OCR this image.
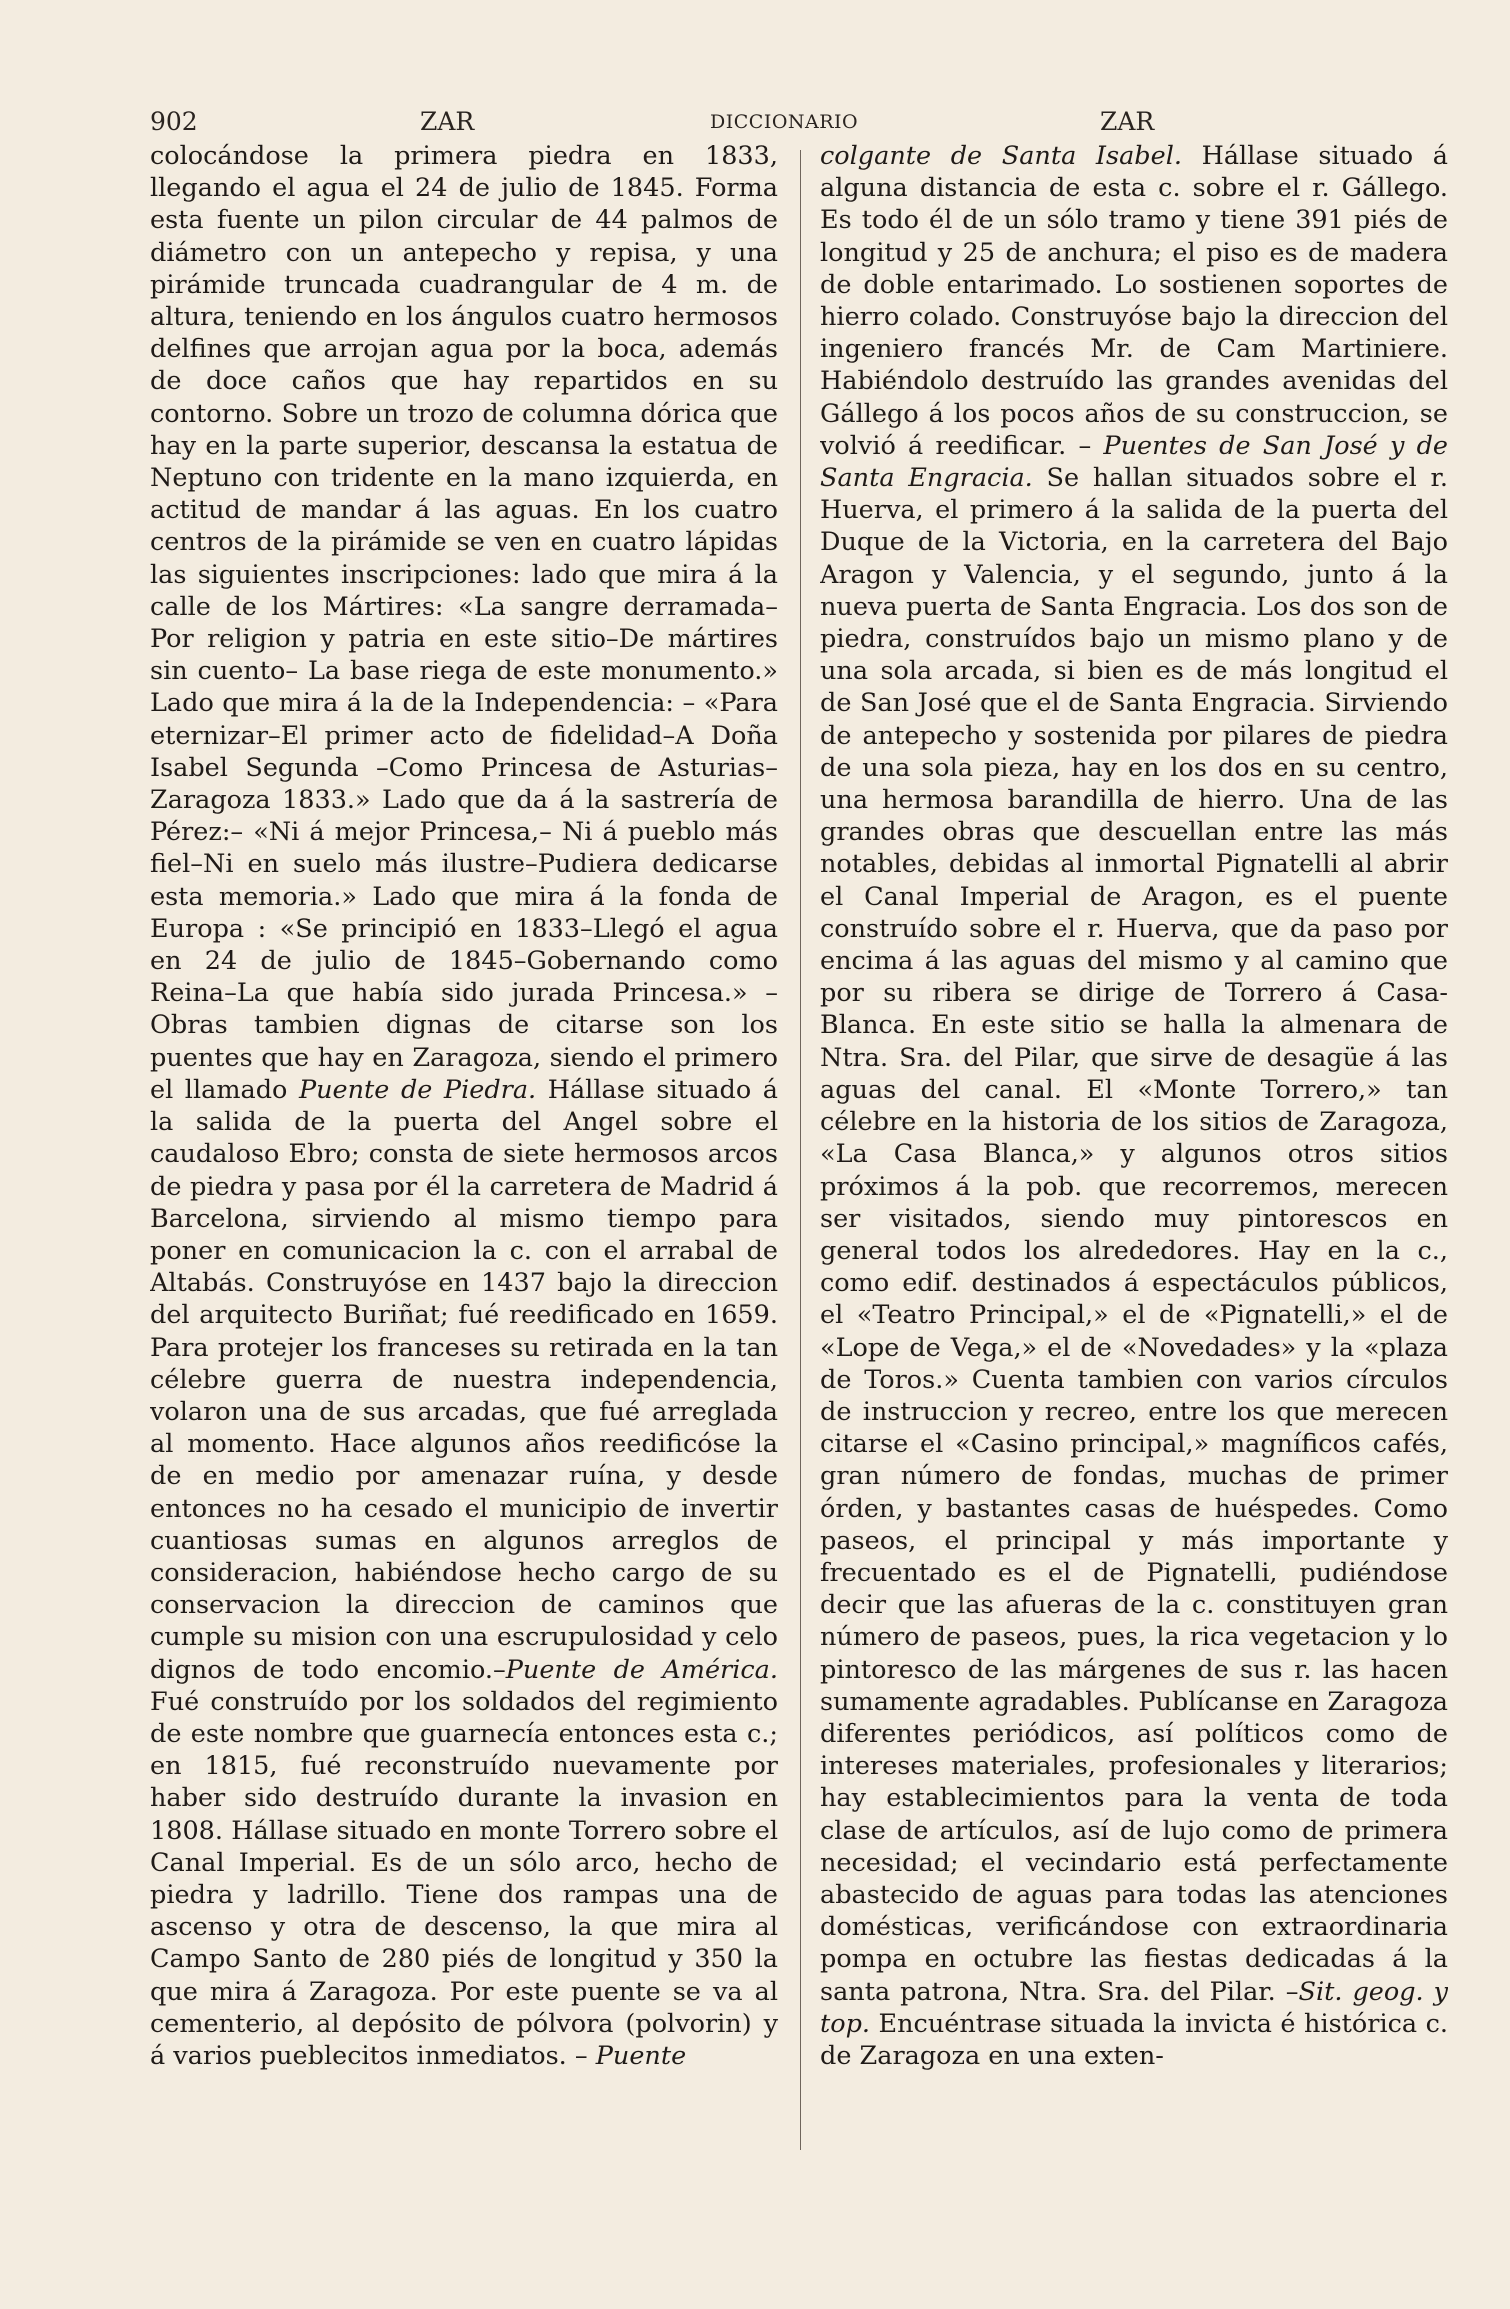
902	ZAR	DICCIONARIO	ZAR

colocándose la primera piedra en 1833, llegando el agua el 24 de julio de 1845. Forma esta fuente un pilon circular de 44 palmos de diámetro con un antepecho y repisa, y una pirámide truncada cuadrangular de 4 m. de altura, teniendo en los ángulos cuatro hermosos delfines que arrojan agua por la boca, además de doce caños que hay repartidos en su contorno. Sobre un trozo de columna dórica que hay en la parte superior, descansa la estatua de Neptuno con tridente en la mano izquierda, en actitud de mandar á las aguas. En los cuatro centros de la pirámide se ven en cuatro lápidas las siguientes inscripciones: lado que mira á la calle de los Mártires: «La sangre derramada–Por religion y patria en este sitio–De mártires sin cuento– La base riega de este monumento.» Lado que mira á la de la Independencia: – «Para eternizar–El primer acto de fidelidad–A Doña Isabel Segunda –Como Princesa de Asturias–Zaragoza 1833.» Lado que da á la sastrería de Pérez:– «Ni á mejor Princesa,– Ni á pueblo más fiel–Ni en suelo más ilustre–Pudiera dedicarse esta memoria.» Lado que mira á la fonda de Europa : «Se principió en 1833–Llegó el agua en 24 de julio de 1845–Gobernando como Reina–La que había sido jurada Princesa.» – Obras tambien dignas de citarse son los puentes que hay en Zaragoza, siendo el primero el llamado Puente de Piedra. Hállase situado á la salida de la puerta del Angel sobre el caudaloso Ebro; consta de siete hermosos arcos de piedra y pasa por él la carretera de Madrid á Barcelona, sirviendo al mismo tiempo para poner en comunicacion la c. con el arrabal de Altabás. Construyóse en 1437 bajo la direccion del arquitecto Buriñat; fué reedificado en 1659. Para protejer los franceses su retirada en la tan célebre guerra de nuestra independencia, volaron una de sus arcadas, que fué arreglada al momento. Hace algunos años reedificóse la de en medio por amenazar ruína, y desde entonces no ha cesado el municipio de invertir cuantiosas sumas en algunos arreglos de consideracion, habiéndose hecho cargo de su conservacion la direccion de caminos que cumple su mision con una escrupulosidad y celo dignos de todo encomio.–Puente de América. Fué construído por los soldados del regimiento de este nombre que guarnecía entonces esta c.; en 1815, fué reconstruído nuevamente por haber sido destruído durante la invasion en 1808. Hállase situado en monte Torrero sobre el Canal Imperial. Es de un sólo arco, hecho de piedra y ladrillo. Tiene dos rampas una de ascenso y otra de descenso, la que mira al Campo Santo de 280 piés de longitud y 350 la que mira á Zaragoza. Por este puente se va al cementerio, al depósito de pólvora (polvorin) y á varios pueblecitos inmediatos. – Puente

colgante de Santa Isabel. Hállase situado á alguna distancia de esta c. sobre el r. Gállego. Es todo él de un sólo tramo y tiene 391 piés de longitud y 25 de anchura; el piso es de madera de doble entarimado. Lo sostienen soportes de hierro colado. Construyóse bajo la direccion del ingeniero francés Mr. de Cam Martiniere. Habiéndolo destruído las grandes avenidas del Gállego á los pocos años de su construccion, se volvió á reedificar. – Puentes de San José y de Santa Engracia. Se hallan situados sobre el r. Huerva, el primero á la salida de la puerta del Duque de la Victoria, en la carretera del Bajo Aragon y Valencia, y el segundo, junto á la nueva puerta de Santa Engracia. Los dos son de piedra, construídos bajo un mismo plano y de una sola arcada, si bien es de más longitud el de San José que el de Santa Engracia. Sirviendo de antepecho y sostenida por pilares de piedra de una sola pieza, hay en los dos en su centro, una hermosa barandilla de hierro. Una de las grandes obras que descuellan entre las más notables, debidas al inmortal Pignatelli al abrir el Canal Imperial de Aragon, es el puente construído sobre el r. Huerva, que da paso por encima á las aguas del mismo y al camino que por su ribera se dirige de Torrero á Casa-Blanca. En este sitio se halla la almenara de Ntra. Sra. del Pilar, que sirve de desagüe á las aguas del canal. El «Monte Torrero,» tan célebre en la historia de los sitios de Zaragoza, «La Casa Blanca,» y algunos otros sitios próximos á la pob. que recorremos, merecen ser visitados, siendo muy pintorescos en general todos los alrededores. Hay en la c., como edif. destinados á espectáculos públicos, el «Teatro Principal,» el de «Pignatelli,» el de «Lope de Vega,» el de «Novedades» y la «plaza de Toros.» Cuenta tambien con varios círculos de instruccion y recreo, entre los que merecen citarse el «Casino principal,» magníficos cafés, gran número de fondas, muchas de primer órden, y bastantes casas de huéspedes. Como paseos, el principal y más importante y frecuentado es el de Pignatelli, pudiéndose decir que las afueras de la c. constituyen gran número de paseos, pues, la rica vegetacion y lo pintoresco de las márgenes de sus r. las hacen sumamente agradables. Publícanse en Zaragoza diferentes periódicos, así políticos como de intereses materiales, profesionales y literarios; hay establecimientos para la venta de toda clase de artículos, así de lujo como de primera necesidad; el vecindario está perfectamente abastecido de aguas para todas las atenciones domésticas, verificándose con extraordinaria pompa en octubre las fiestas dedicadas á la santa patrona, Ntra. Sra. del Pilar. –Sit. geog. y top. Encuéntrase situada la invicta é histórica c. de Zaragoza en una exten-
